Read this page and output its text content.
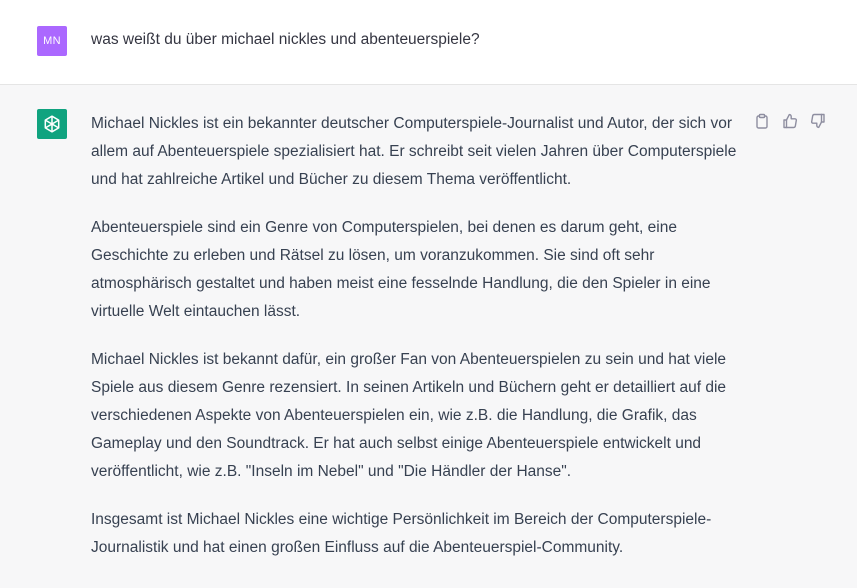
MN	was weißt du über michael nickles und abenteuerspiele?

Michael Nickles ist ein bekannter deutscher Computerspiele-Journalist und Autor, der sich vor allem auf Abenteuerspiele spezialisiert hat. Er schreibt seit vielen Jahren über Computerspiele und hat zahlreiche Artikel und Bücher zu diesem Thema veröffentlicht.

Abenteuerspiele sind ein Genre von Computerspielen, bei denen es darum geht, eine Geschichte zu erleben und Rätsel zu lösen, um voranzukommen. Sie sind oft sehr atmosphärisch gestaltet und haben meist eine fesselnde Handlung, die den Spieler in eine virtuelle Welt eintauchen lässt.

Michael Nickles ist bekannt dafür, ein großer Fan von Abenteuerspielen zu sein und hat viele Spiele aus diesem Genre rezensiert. In seinen Artikeln und Büchern geht er detailliert auf die verschiedenen Aspekte von Abenteuerspielen ein, wie z.B. die Handlung, die Grafik, das Gameplay und den Soundtrack. Er hat auch selbst einige Abenteuerspiele entwickelt und veröffentlicht, wie z.B. "Inseln im Nebel" und "Die Händler der Hanse".

Insgesamt ist Michael Nickles eine wichtige Persönlichkeit im Bereich der Computerspiele-Journalistik und hat einen großen Einfluss auf die Abenteuerspiel-Community.
